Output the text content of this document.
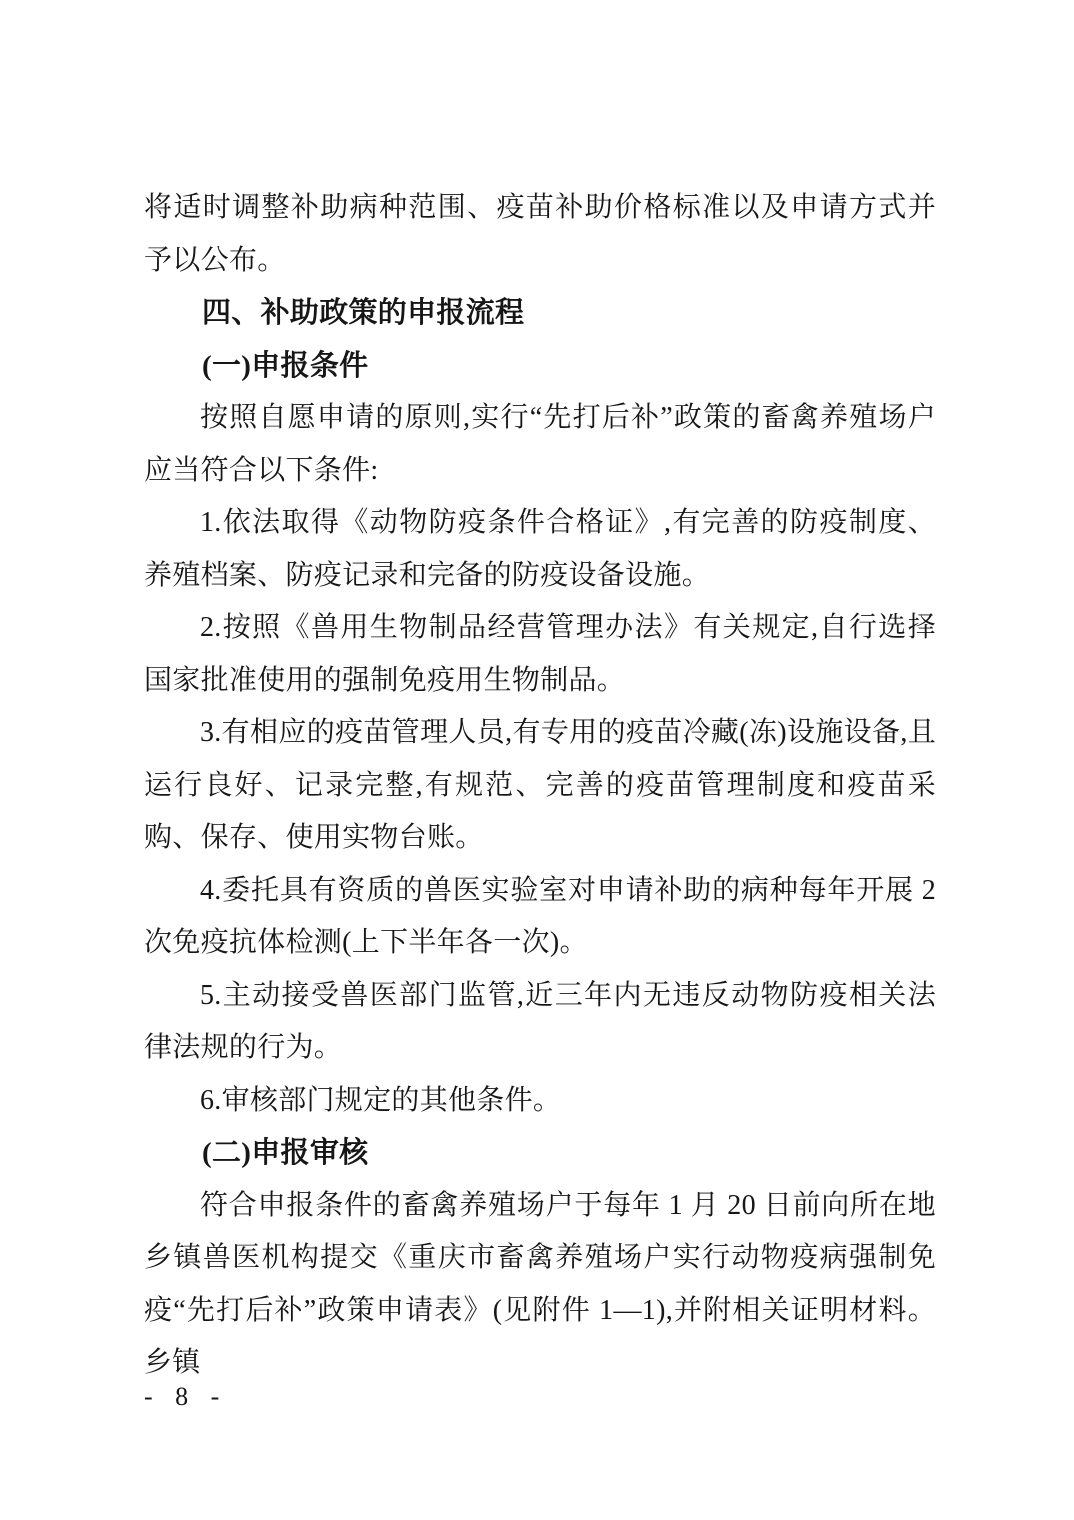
将适时调整补助病种范围、疫苗补助价格标准以及申请方式并予以公布。
四、补助政策的申报流程
(一)申报条件
按照自愿申请的原则,实行“先打后补”政策的畜禽养殖场户应当符合以下条件:
1.依法取得《动物防疫条件合格证》,有完善的防疫制度、养殖档案、防疫记录和完备的防疫设备设施。
2.按照《兽用生物制品经营管理办法》有关规定,自行选择国家批准使用的强制免疫用生物制品。
3.有相应的疫苗管理人员,有专用的疫苗冷藏(冻)设施设备,且运行良好、记录完整,有规范、完善的疫苗管理制度和疫苗采购、保存、使用实物台账。
4.委托具有资质的兽医实验室对申请补助的病种每年开展 2 次免疫抗体检测(上下半年各一次)。
5.主动接受兽医部门监管,近三年内无违反动物防疫相关法律法规的行为。
6.审核部门规定的其他条件。
(二)申报审核
符合申报条件的畜禽养殖场户于每年 1 月 20 日前向所在地乡镇兽医机构提交《重庆市畜禽养殖场户实行动物疫病强制免疫“先打后补”政策申请表》(见附件 1—1),并附相关证明材料。乡镇
- 8 -
